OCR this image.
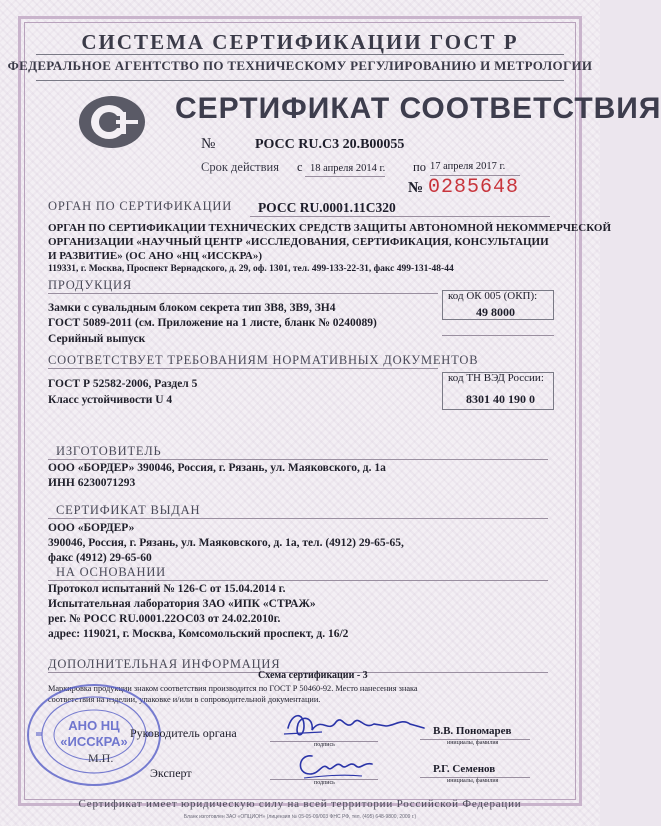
СИСТЕМА СЕРТИФИКАЦИИ ГОСТ Р
ФЕДЕРАЛЬНОЕ АГЕНТСТВО ПО ТЕХНИЧЕСКОМУ РЕГУЛИРОВАНИЮ И МЕТРОЛОГИИ
СЕРТИФИКАТ СООТВЕТСТВИЯ
№	РОСС RU.С3 20.В00055
Срок действия с 18 апреля 2014 г. по 17 апреля 2017 г.
№ 0285648
ОРГАН ПО СЕРТИФИКАЦИИ РОСС RU.0001.11С320
ОРГАН ПО СЕРТИФИКАЦИИ ТЕХНИЧЕСКИХ СРЕДСТВ ЗАЩИТЫ АВТОНОМНОЙ НЕКОММЕРЧЕСКОЙ
ОРГАНИЗАЦИИ «НАУЧНЫЙ ЦЕНТР «ИССЛЕДОВАНИЯ, СЕРТИФИКАЦИЯ, КОНСУЛЬТАЦИИ
И РАЗВИТИЕ» (ОС АНО «НЦ «ИССКРА»)
119331, г. Москва, Проспект Вернадского, д. 29, оф. 1301, тел. 499-133-22-31, факс 499-131-48-44
ПРОДУКЦИЯ
Замки с сувальдным блоком секрета тип ЗВ8, ЗВ9, ЗН4
ГОСТ 5089-2011 (см. Приложение на 1 листе, бланк № 0240089)
Серийный выпуск
код ОК 005 (ОКП):
49 8000
СООТВЕТСТВУЕТ ТРЕБОВАНИЯМ НОРМАТИВНЫХ ДОКУМЕНТОВ
ГОСТ Р 52582-2006, Раздел 5
Класс устойчивости U 4
код ТН ВЭД России:
8301 40 190 0
ИЗГОТОВИТЕЛЬ
ООО «БОРДЕР» 390046, Россия, г. Рязань, ул. Маяковского, д. 1а
ИНН 6230071293
СЕРТИФИКАТ ВЫДАН
ООО «БОРДЕР»
390046, Россия, г. Рязань, ул. Маяковского, д. 1а, тел. (4912) 29-65-65,
факс (4912) 29-65-60
НА ОСНОВАНИИ
Протокол испытаний № 126-С от 15.04.2014 г.
Испытательная лаборатория ЗАО «ИПК «СТРАЖ»
рег. № РОСС RU.0001.22ОС03 от 24.02.2010г.
адрес: 119021, г. Москва, Комсомольский проспект, д. 16/2
ДОПОЛНИТЕЛЬНАЯ ИНФОРМАЦИЯ
Схема сертификации - 3
Маркировка продукции знаком соответствия производится по ГОСТ Р 50460-92. Место нанесения знака
соответствия на изделии, упаковке и/или в сопроводительной документации.
АНО НЦ
«ИССКРА»
М.П.
Руководитель органа
подпись
В.В. Пономарев
инициалы, фамилия
Эксперт
подпись
Р.Г. Семенов
инициалы, фамилия
Сертификат имеет юридическую силу на всей территории Российской Федерации
Бланк изготовлен ЗАО «ОПЦИОН» (лицензия № 05-05-09/003 ФНС РФ, тел. (495) 648-9800, 2009 г.)
